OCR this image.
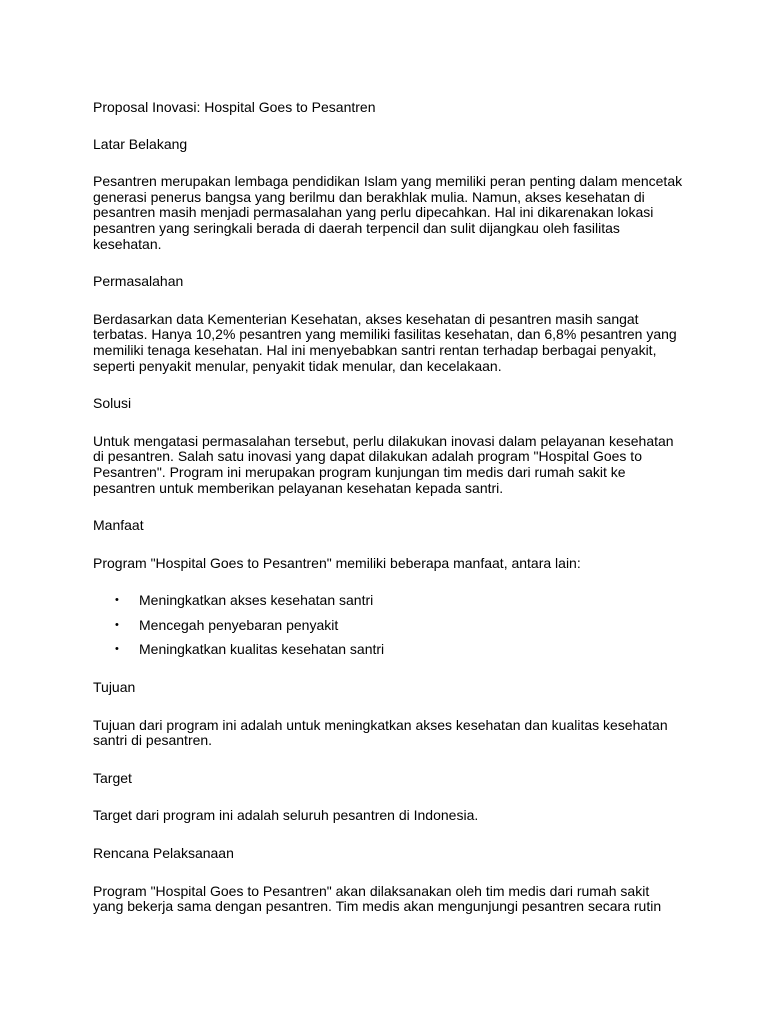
Proposal Inovasi: Hospital Goes to Pesantren

Latar Belakang

Pesantren merupakan lembaga pendidikan Islam yang memiliki peran penting dalam mencetak generasi penerus bangsa yang berilmu dan berakhlak mulia. Namun, akses kesehatan di pesantren masih menjadi permasalahan yang perlu dipecahkan. Hal ini dikarenakan lokasi pesantren yang seringkali berada di daerah terpencil dan sulit dijangkau oleh fasilitas kesehatan.

Permasalahan

Berdasarkan data Kementerian Kesehatan, akses kesehatan di pesantren masih sangat terbatas. Hanya 10,2% pesantren yang memiliki fasilitas kesehatan, dan 6,8% pesantren yang memiliki tenaga kesehatan. Hal ini menyebabkan santri rentan terhadap berbagai penyakit, seperti penyakit menular, penyakit tidak menular, dan kecelakaan.

Solusi

Untuk mengatasi permasalahan tersebut, perlu dilakukan inovasi dalam pelayanan kesehatan di pesantren. Salah satu inovasi yang dapat dilakukan adalah program "Hospital Goes to Pesantren". Program ini merupakan program kunjungan tim medis dari rumah sakit ke pesantren untuk memberikan pelayanan kesehatan kepada santri.

Manfaat

Program "Hospital Goes to Pesantren" memiliki beberapa manfaat, antara lain:

• Meningkatkan akses kesehatan santri
• Mencegah penyebaran penyakit
• Meningkatkan kualitas kesehatan santri

Tujuan

Tujuan dari program ini adalah untuk meningkatkan akses kesehatan dan kualitas kesehatan santri di pesantren.

Target

Target dari program ini adalah seluruh pesantren di Indonesia.

Rencana Pelaksanaan

Program "Hospital Goes to Pesantren" akan dilaksanakan oleh tim medis dari rumah sakit yang bekerja sama dengan pesantren. Tim medis akan mengunjungi pesantren secara rutin
